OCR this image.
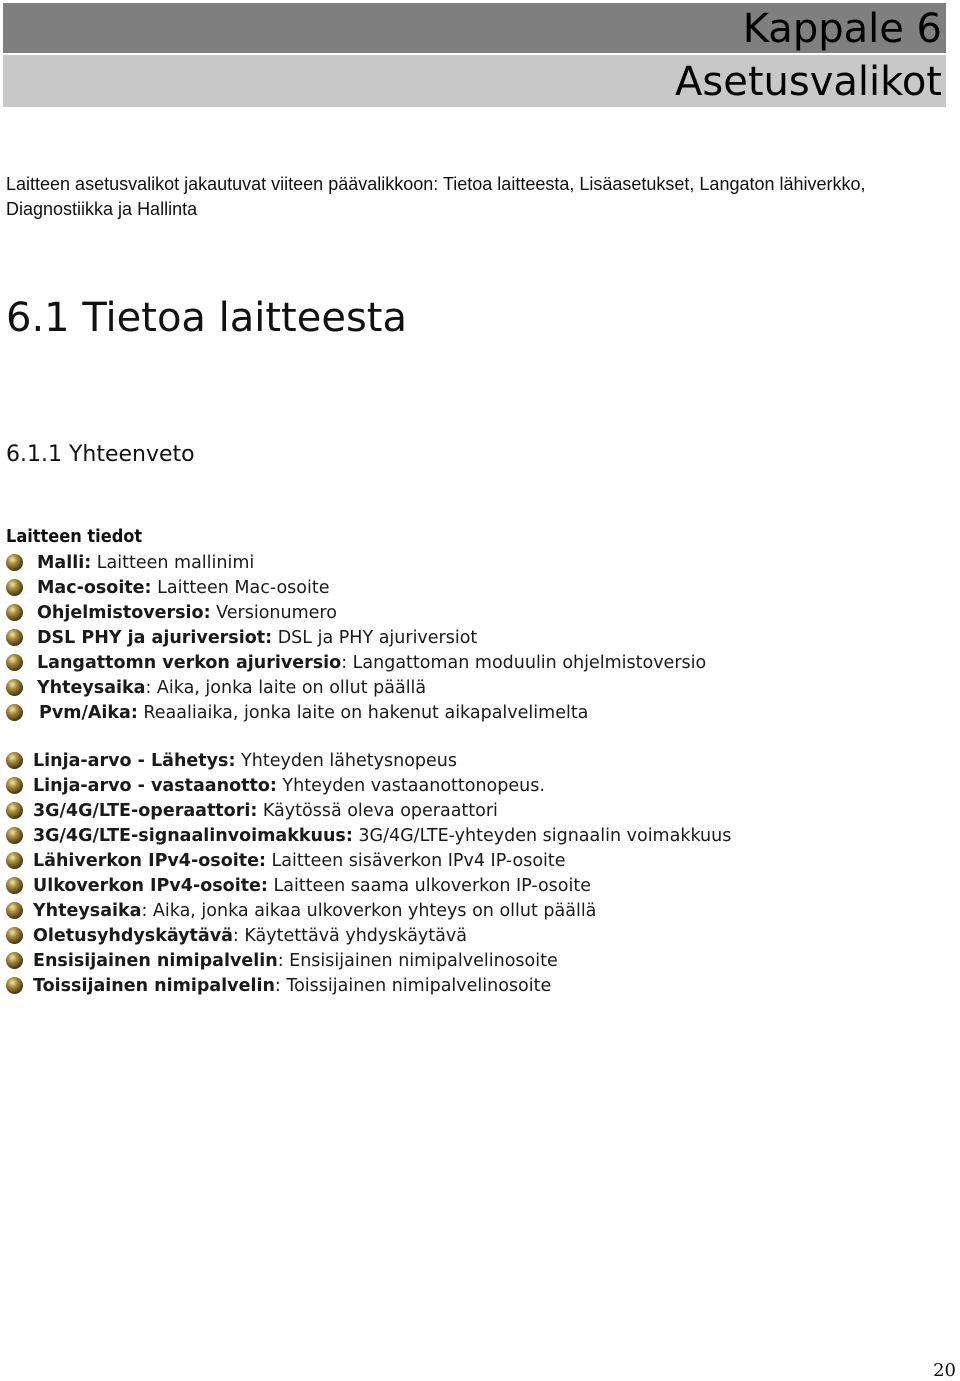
Kappale 6

Asetusvalikot

Laitteen asetusvalikot jakautuvat viiteen päävalikkoon: Tietoa laitteesta, Lisäasetukset, Langaton lähiverkko, Diagnostiikka ja Hallinta

6.1 Tietoa laitteesta
6.1.1 Yhteenveto
Laitteen tiedot
Malli: Laitteen mallinimi
Mac-osoite: Laitteen Mac-osoite
Ohjelmistoversio: Versionumero
DSL PHY ja ajuriversiot: DSL ja PHY ajuriversiot
Langattomn verkon ajuriversio: Langattoman moduulin ohjelmistoversio
Yhteysaika: Aika, jonka laite on ollut päällä
Pvm/Aika: Reaaliaika, jonka laite on hakenut aikapalvelimelta
Linja-arvo - Lähetys: Yhteyden lähetysnopeus
Linja-arvo - vastaanotto: Yhteyden vastaanottonopeus.
3G/4G/LTE-operaattori: Käytössä oleva operaattori
3G/4G/LTE-signaalinvoimakkuus: 3G/4G/LTE-yhteyden signaalin voimakkuus
Lähiverkon IPv4-osoite: Laitteen sisäverkon IPv4 IP-osoite
Ulkoverkon IPv4-osoite: Laitteen saama ulkoverkon IP-osoite
Yhteysaika: Aika, jonka aikaa ulkoverkon yhteys on ollut päällä
Oletusyhdyskäytävä: Käytettävä yhdyskäytävä
Ensisijainen nimipalvelin: Ensisijainen nimipalvelinosoite
Toissijainen nimipalvelin: Toissijainen nimipalvelinosoite

20
